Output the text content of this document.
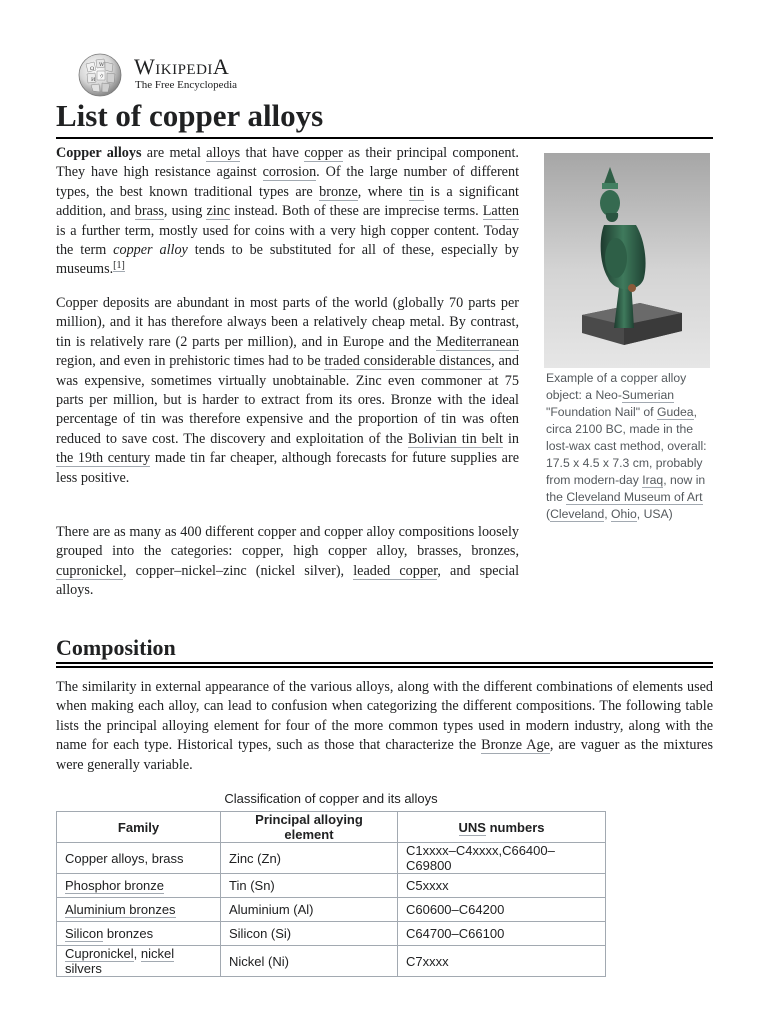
Ω
W
И ウ WikipediA
The Free Encyclopedia
List of copper alloys

Copper alloys are metal alloys that have copper as their principal component. They have high resistance against corrosion. Of the large number of different types, the best known traditional types are bronze, where tin is a significant addition, and brass, using zinc instead. Both of these are imprecise terms. Latten is a further term, mostly used for coins with a very high copper content. Today the term copper alloy tends to be substituted for all of these, especially by museums.[1]

Copper deposits are abundant in most parts of the world (globally 70 parts per million), and it has therefore always been a relatively cheap metal. By contrast, tin is relatively rare (2 parts per million), and in Europe and the Mediterranean region, and even in prehistoric times had to be traded considerable distances, and was expensive, sometimes virtually unobtainable. Zinc even commoner at 75 parts per million, but is harder to extract from its ores. Bronze with the ideal percentage of tin was therefore expensive and the proportion of tin was often reduced to save cost. The discovery and exploitation of the Bolivian tin belt in the 19th century made tin far cheaper, although forecasts for future supplies are less positive.

There are as many as 400 different copper and copper alloy compositions loosely grouped into the categories: copper, high copper alloy, brasses, bronzes, cupronickel, copper–nickel–zinc (nickel silver), leaded copper, and special alloys.

Example of a copper alloy object: a Neo-Sumerian "Foundation Nail" of Gudea, circa 2100 BC, made in the lost-wax cast method, overall: 17.5 x 4.5 x 7.3 cm, probably from modern-day Iraq, now in the Cleveland Museum of Art (Cleveland, Ohio, USA)

Composition

The similarity in external appearance of the various alloys, along with the different combinations of elements used when making each alloy, can lead to confusion when categorizing the different compositions. The following table lists the principal alloying element for four of the more common types used in modern industry, along with the name for each type. Historical types, such as those that characterize the Bronze Age, are vaguer as the mixtures were generally variable.

Classification of copper and its alloys
Family	Principal alloying element	UNS numbers
Copper alloys, brass	Zinc (Zn)	C1xxxx–C4xxxx,C66400–C69800
Phosphor bronze	Tin (Sn)	C5xxxx
Aluminium bronzes	Aluminium (Al)	C60600–C64200
Silicon bronzes	Silicon (Si)	C64700–C66100
Cupronickel, nickel silvers	Nickel (Ni)	C7xxxx
